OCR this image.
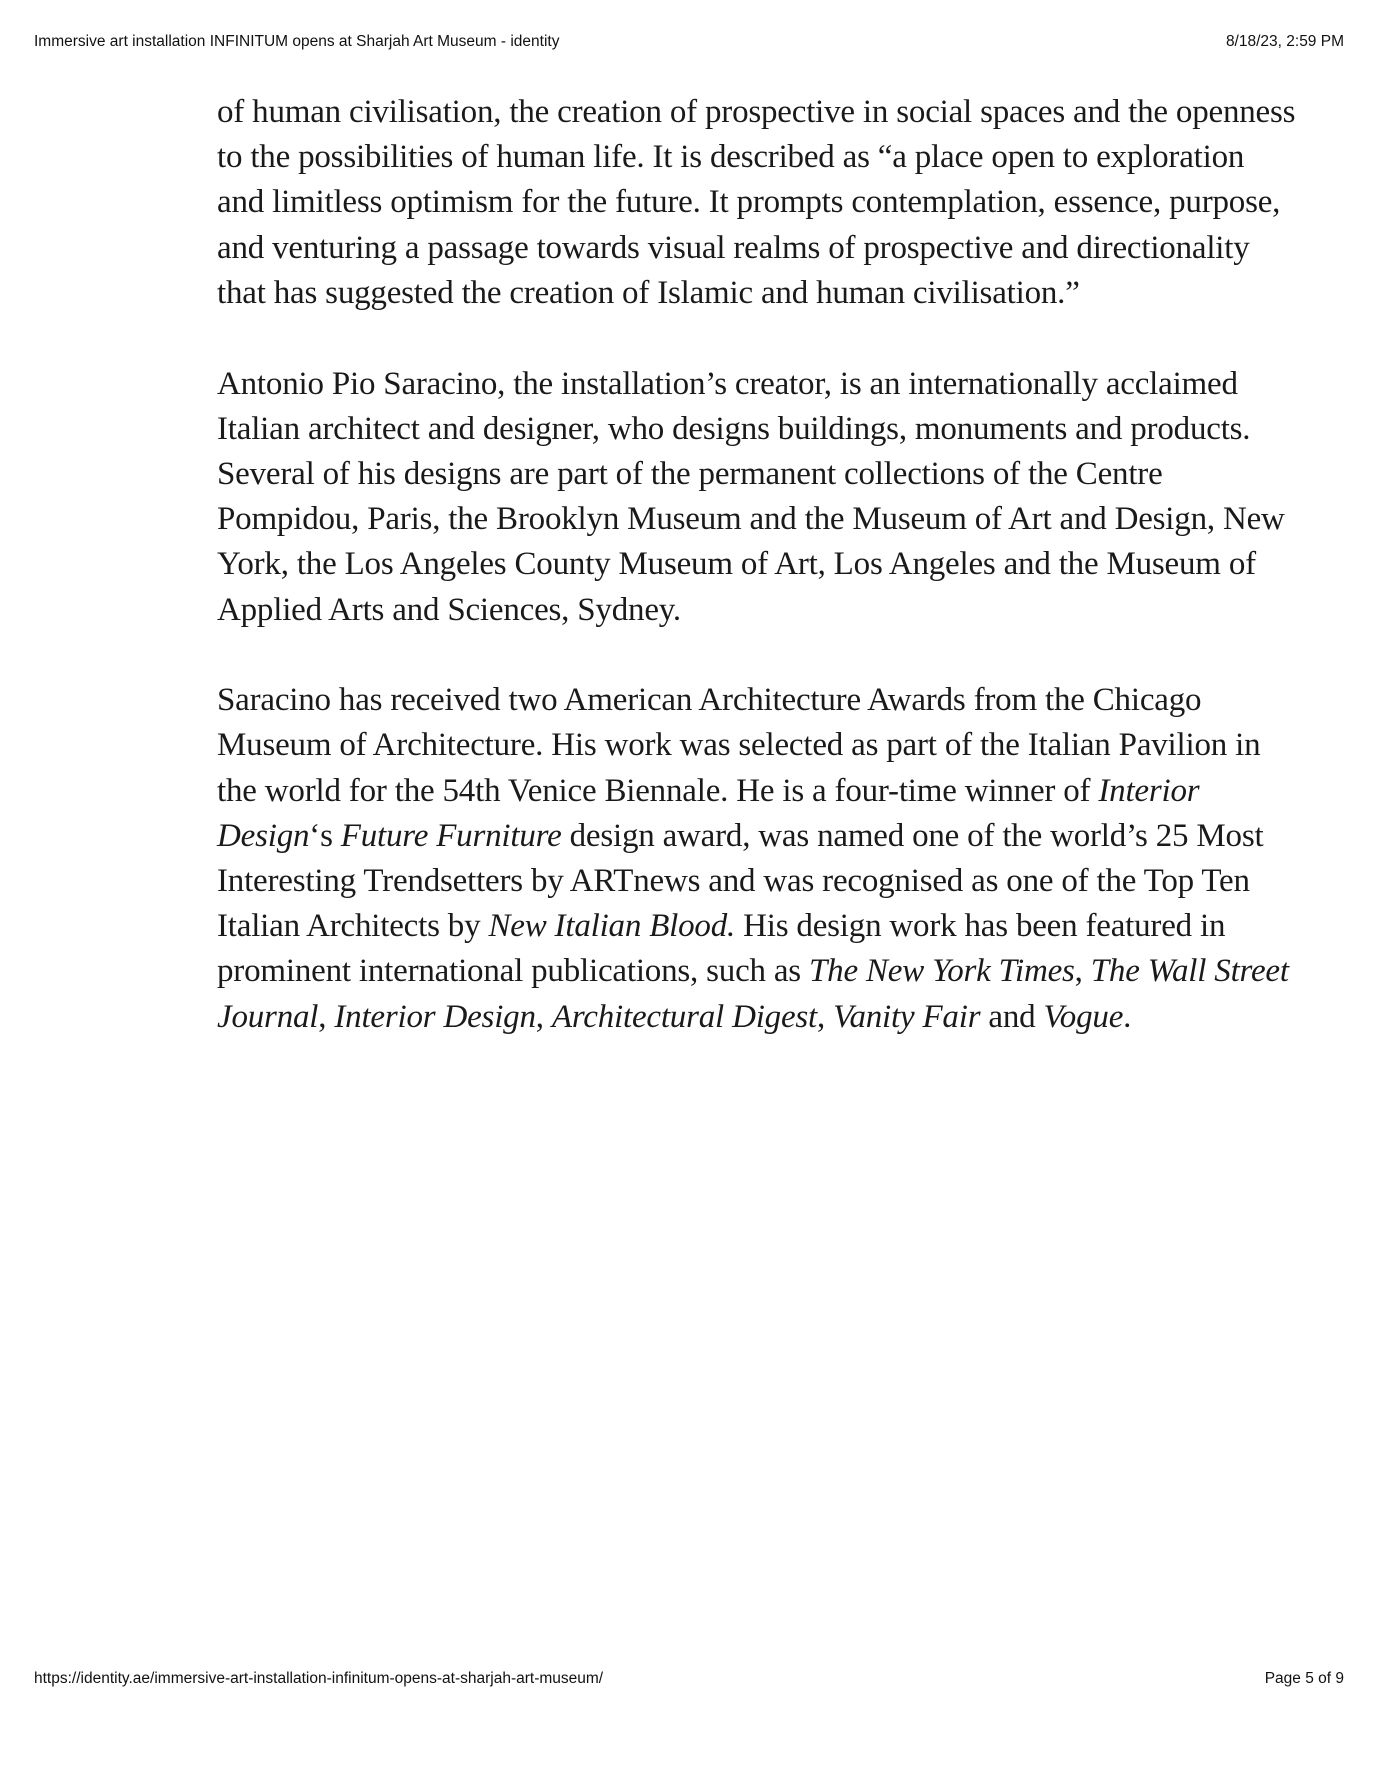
Immersive art installation INFINITUM opens at Sharjah Art Museum - identity	8/18/23, 2:59 PM

of human civilisation, the creation of prospective in social spaces and the openness to the possibilities of human life. It is described as “a place open to exploration and limitless optimism for the future. It prompts contemplation, essence, purpose, and venturing a passage towards visual realms of prospective and directionality that has suggested the creation of Islamic and human civilisation.”

Antonio Pio Saracino, the installation’s creator, is an internationally acclaimed Italian architect and designer, who designs buildings, monuments and products. Several of his designs are part of the permanent collections of the Centre Pompidou, Paris, the Brooklyn Museum and the Museum of Art and Design, New York, the Los Angeles County Museum of Art, Los Angeles and the Museum of Applied Arts and Sciences, Sydney.

Saracino has received two American Architecture Awards from the Chicago Museum of Architecture. His work was selected as part of the Italian Pavilion in the world for the 54th Venice Biennale. He is a four-time winner of Interior Design‘s Future Furniture design award, was named one of the world’s 25 Most Interesting Trendsetters by ARTnews and was recognised as one of the Top Ten Italian Architects by New Italian Blood. His design work has been featured in prominent international publications, such as The New York Times, The Wall Street Journal, Interior Design, Architectural Digest, Vanity Fair and Vogue.

https://identity.ae/immersive-art-installation-infinitum-opens-at-sharjah-art-museum/	Page 5 of 9
